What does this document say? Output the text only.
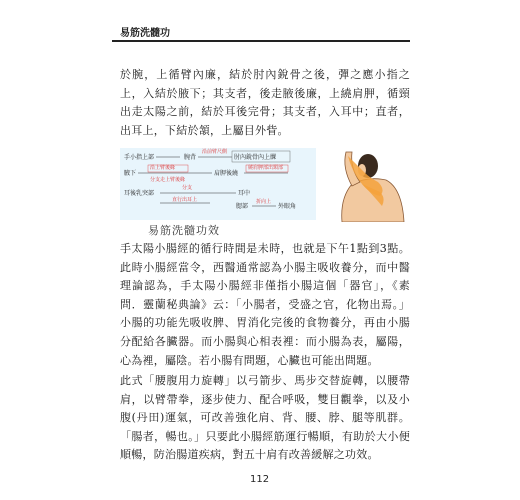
易筋洗髓功

於腕，上循臂內廉，結於肘內銳骨之後，彈之應小指之上，入結於腋下；其支者，後走腋後廉，上繞肩胛，循頸出走太陽之前，結於耳後完骨；其支者，入耳中；直者，出耳上，下結於頷，上屬目外眥。

手小指上部	腕背
沿前臂尺側
肘內銳骨內上髁
腋下
沿上臂後緣
肩胛後繞
繞肩胛部出頸部
分支走上臂後緣
耳後乳突部
分支
耳中
直行出耳上
腮部
折向上
外眼角
易筋洗髓功效

手太陽小腸經的循行時間是未時，也就是下午1點到3點。此時小腸經當令，西醫通常認為小腸主吸收養分，而中醫理論認為，手太陽小腸經非僅指小腸這個「器官」，《素問．靈蘭秘典論》云：「小腸者，受盛之官，化物出焉。」小腸的功能先吸收脾、胃消化完後的食物養分，再由小腸分配給各臟器。而小腸與心相表裡：而小腸為表，屬陽，心為裡，屬陰。若小腸有問題，心臟也可能出問題。

此式「腰腹用力旋轉」以弓箭步、馬步交替旋轉，以腰帶肩，以臂帶拳，逐步使力、配合呼吸，雙目觀拳，以及小腹(丹田)運氣，可改善強化肩、背、腰、脖、腿等肌群。「腸者，暢也。」只要此小腸經筋運行暢順，有助於大小便順暢，防治腸道疾病，對五十肩有改善緩解之功效。

112
